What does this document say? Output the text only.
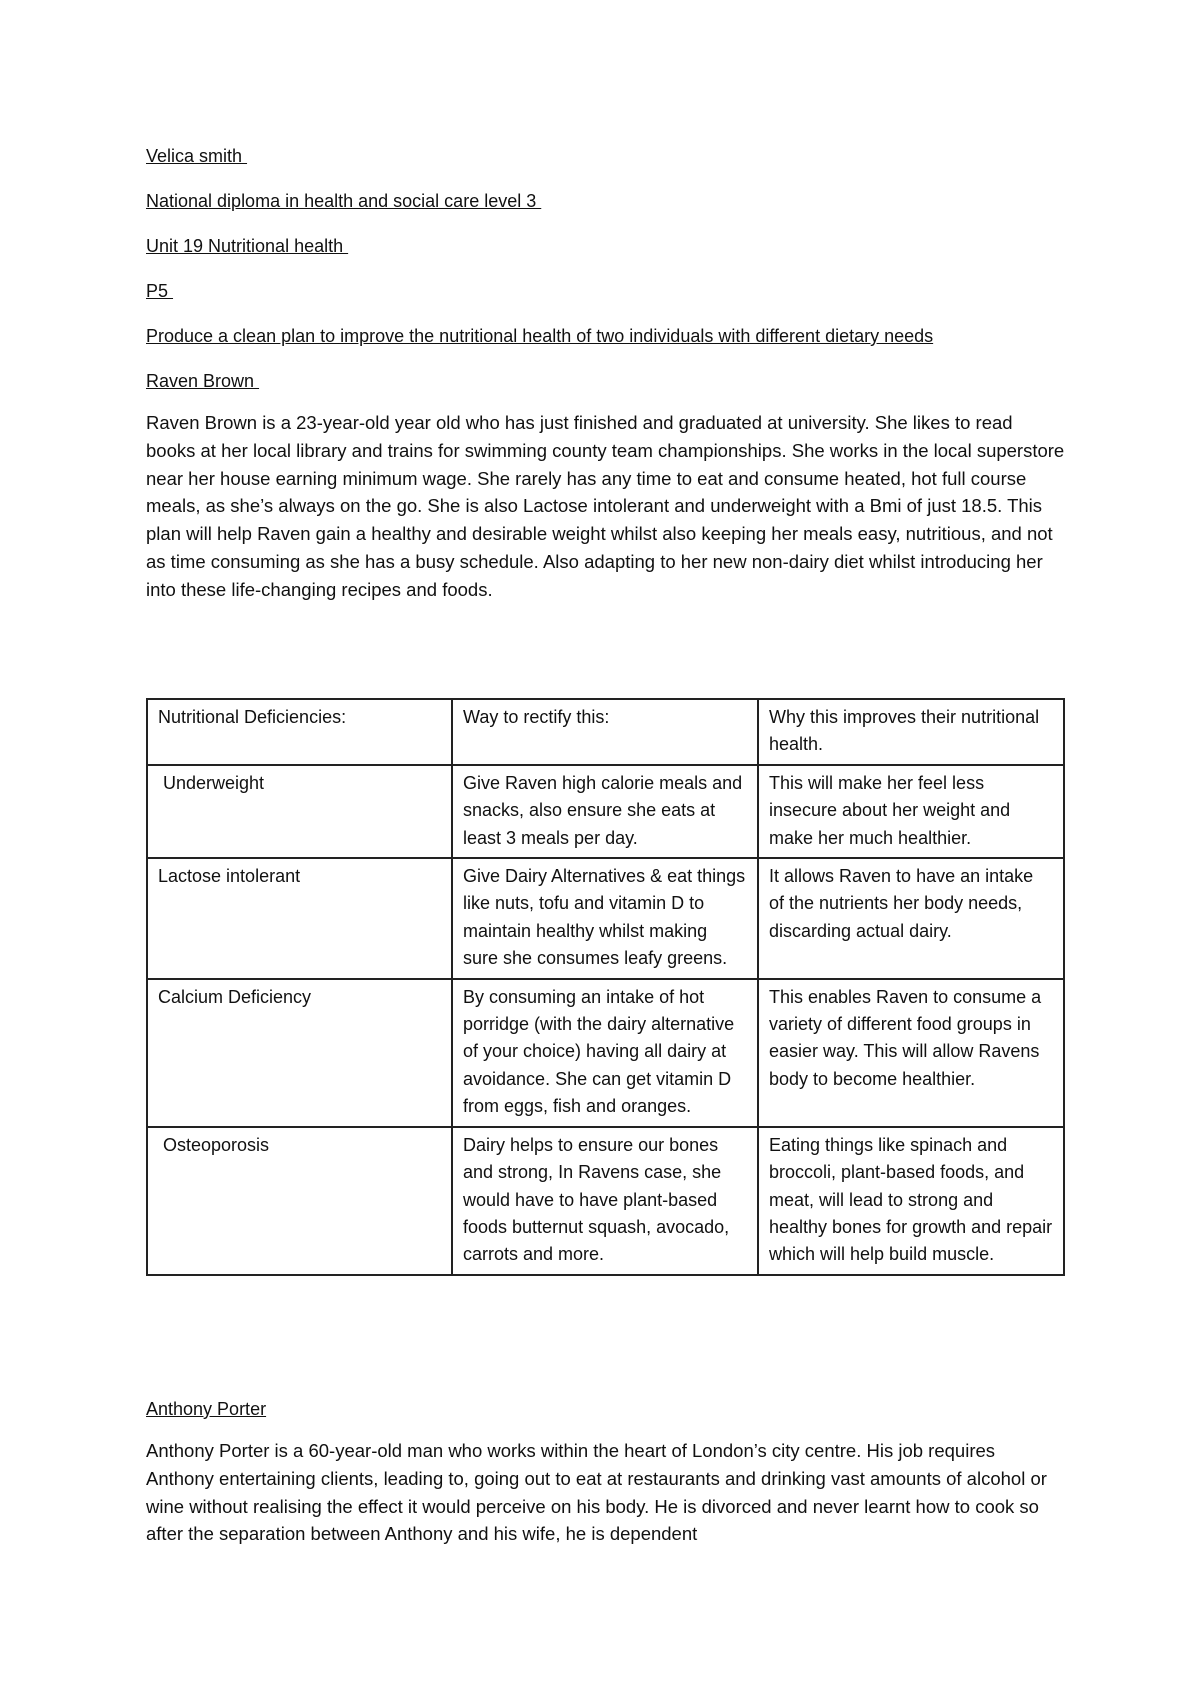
Velica smith

National diploma in health and social care level 3

Unit 19 Nutritional health

P5

Produce a clean plan to improve the nutritional health of two individuals with different dietary needs

Raven Brown

Raven Brown is a 23-year-old year old who has just finished and graduated at university. She likes to read books at her local library and trains for swimming county team championships. She works in the local superstore near her house earning minimum wage. She rarely has any time to eat and consume heated, hot full course meals, as she’s always on the go. She is also Lactose intolerant and underweight with a Bmi of just 18.5. This plan will help Raven gain a healthy and desirable weight whilst also keeping her meals easy, nutritious, and not as time consuming as she has a busy schedule. Also adapting to her new non-dairy diet whilst introducing her into these life-changing recipes and foods.

Nutritional Deficiencies:	Way to rectify this:	Why this improves their nutritional health.
Underweight	Give Raven high calorie meals and snacks, also ensure she eats at least 3 meals per day.	This will make her feel less insecure about her weight and make her much healthier.
Lactose intolerant	Give Dairy Alternatives & eat things like nuts, tofu and vitamin D to maintain healthy whilst making sure she consumes leafy greens.	It allows Raven to have an intake of the nutrients her body needs, discarding actual dairy.
Calcium Deficiency	By consuming an intake of hot porridge (with the dairy alternative of your choice) having all dairy at avoidance. She can get vitamin D from eggs, fish and oranges.	This enables Raven to consume a variety of different food groups in easier way. This will allow Ravens body to become healthier.
Osteoporosis	Dairy helps to ensure our bones and strong, In Ravens case, she would have to have plant-based foods butternut squash, avocado, carrots and more.	Eating things like spinach and broccoli, plant-based foods, and meat, will lead to strong and healthy bones for growth and repair which will help build muscle.

Anthony Porter

Anthony Porter is a 60-year-old man who works within the heart of London’s city centre. His job requires Anthony entertaining clients, leading to, going out to eat at restaurants and drinking vast amounts of alcohol or wine without realising the effect it would perceive on his body. He is divorced and never learnt how to cook so after the separation between Anthony and his wife, he is dependent
